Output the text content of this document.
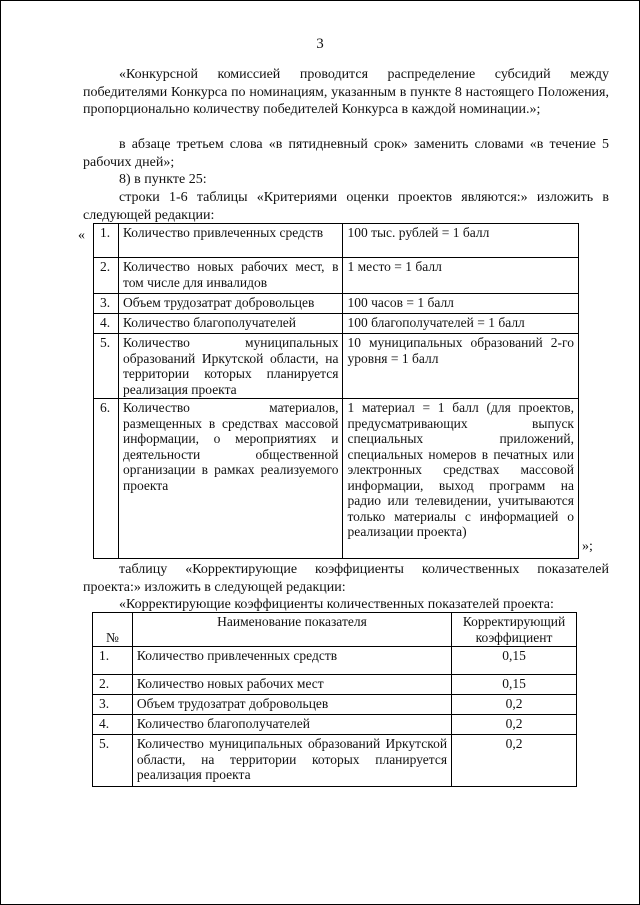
3

«Конкурсной комиссией проводится распределение субсидий между победителями Конкурса по номинациям, указанным в пункте 8 настоящего Положения, пропорционально количеству победителей Конкурса в каждой номинации.»;

в абзаце третьем слова «в пятидневный срок» заменить словами «в течение 5 рабочих дней»;

8) в пункте 25:

строки 1-6 таблицы «Критериями оценки проектов являются:» изложить в следующей редакции:

« 1.	Количество привлеченных средств	100 тыс. рублей = 1 балл
2.	Количество новых рабочих мест, в том числе для инвалидов	1 место = 1 балл
3.	Объем трудозатрат добровольцев	100 часов = 1 балл
4.	Количество благополучателей	100 благополучателей = 1 балл
5.	Количество муниципальных образований Иркутской области, на территории которых планируется реализация проекта	10 муниципальных образований 2-го уровня = 1 балл
6.	Количество материалов, размещенных в средствах массовой информации, о мероприятиях и деятельности общественной организации в рамках реализуемого проекта	1 материал = 1 балл (для проектов, предусматривающих выпуск специальных приложений, специальных номеров в печатных или электронных средствах массовой информации, выход программ на радио или телевидении, учитываются только материалы с информацией о реализации проекта)
»;

таблицу «Корректирующие коэффициенты количественных показателей проекта:» изложить в следующей редакции:

«Корректирующие коэффициенты количественных показателей проекта:

№	Наименование показателя	Корректирующий коэффициент
1.	Количество привлеченных средств	0,15
2.	Количество новых рабочих мест	0,15
3.	Объем трудозатрат добровольцев	0,2
4.	Количество благополучателей	0,2
5.	Количество муниципальных образований Иркутской области, на территории которых планируется реализация проекта	0,2
